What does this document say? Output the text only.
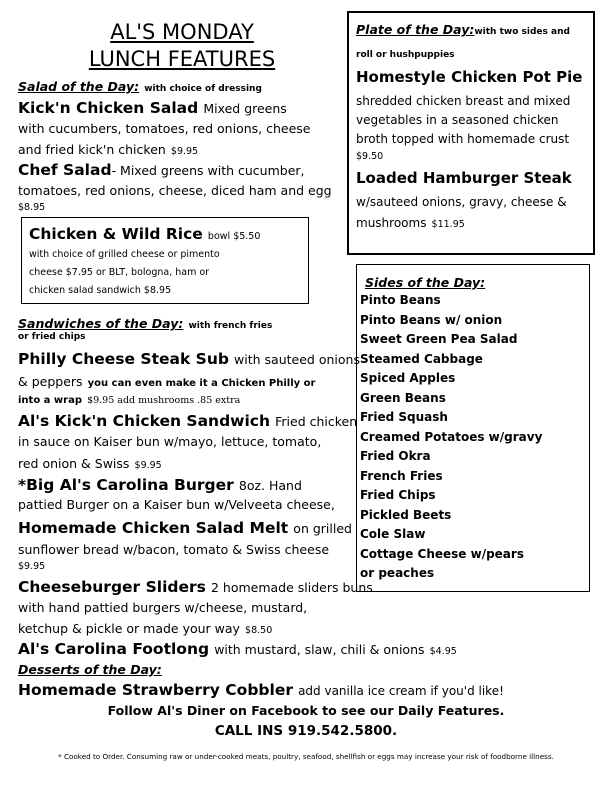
AL'S MONDAY
LUNCH FEATURES
Salad of the Day: with choice of dressing
Kick'n Chicken Salad Mixed greens
with cucumbers, tomatoes, red onions, cheese
and fried kick'n chicken $9.95
Chef Salad- Mixed greens with cucumber,
tomatoes, red onions, cheese, diced ham and egg
$8.95
Chicken & Wild Rice bowl $5.50
with choice of grilled cheese or pimento
cheese $7.95 or BLT, bologna, ham or
chicken salad sandwich $8.95
Plate of the Day:with two sides and
roll or hushpuppies
Homestyle Chicken Pot Pie
shredded chicken breast and mixed
vegetables in a seasoned chicken
broth topped with homemade crust
$9.50
Loaded Hamburger Steak
w/sauteed onions, gravy, cheese &
mushrooms $11.95
Sides of the Day:
Pinto Beans
Pinto Beans w/ onion
Sweet Green Pea Salad
Steamed Cabbage
Spiced Apples
Green Beans
Fried Squash
Creamed Potatoes w/gravy
Fried Okra
French Fries
Fried Chips
Pickled Beets
Cole Slaw
Cottage Cheese w/pears
or peaches
Sandwiches of the Day: with french fries
or fried chips
Philly Cheese Steak Sub with sauteed onions
& peppers you can even make it a Chicken Philly or
into a wrap $9.95 add mushrooms .85 extra
Al's Kick'n Chicken Sandwich Fried chicken
in sauce on Kaiser bun w/mayo, lettuce, tomato,
red onion & Swiss $9.95
*Big Al's Carolina Burger 8oz. Hand
pattied Burger on a Kaiser bun w/Velveeta cheese,
Homemade Chicken Salad Melt on grilled
sunflower bread w/bacon, tomato & Swiss cheese
$9.95
Cheeseburger Sliders 2 homemade sliders buns
with hand pattied burgers w/cheese, mustard,
ketchup & pickle or made your way $8.50
Al's Carolina Footlong with mustard, slaw, chili & onions $4.95
Desserts of the Day:
Homemade Strawberry Cobbler add vanilla ice cream if you'd like!
Follow Al's Diner on Facebook to see our Daily Features.
CALL INS 919.542.5800.
* Cooked to Order. Consuming raw or under-cooked meats, poultry, seafood, shellfish or eggs may increase your risk of foodborne illness.
